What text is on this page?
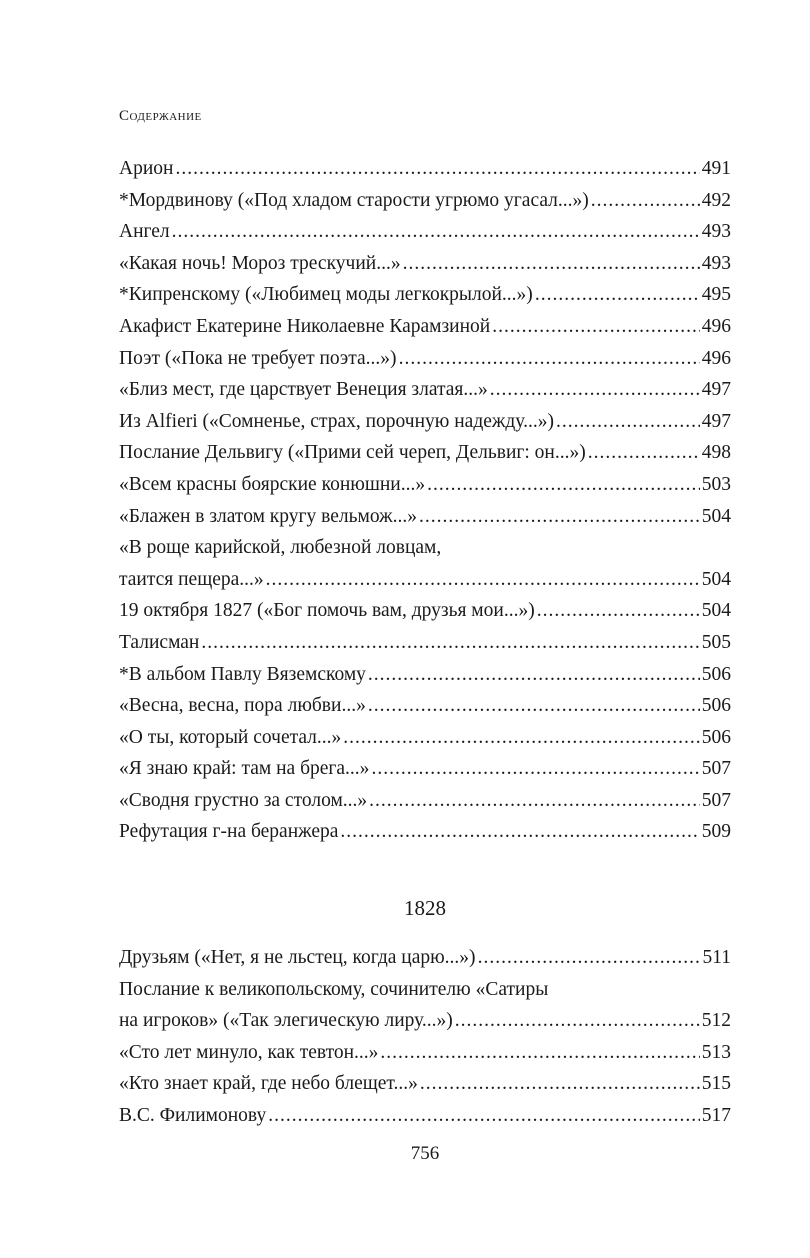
Содержание
Арион .....	491
*Мордвинову («Под хладом старости угрюмо угасал...») .....	492
Ангел .....	493
«Какая ночь! Мороз трескучий...» .....	493
*Кипренскому («Любимец моды легкокрылой...») .....	495
Акафист Екатерине Николаевне Карамзиной .....	496
Поэт («Пока не требует поэта...») .....	496
«Близ мест, где царствует Венеция златая...» .....	497
Из Alfieri («Сомненье, страх, порочную надежду...») .....	497
Послание Дельвигу («Прими сей череп, Дельвиг: он...») .....	498
«Всем красны боярские конюшни...» .....	503
«Блажен в златом кругу вельмож...» .....	504
«В роще карийской, любезной ловцам,
таится пещера...» .....	504
19 октября 1827 («Бог помочь вам, друзья мои...») .....	504
Талисман .....	505
*В альбом Павлу Вяземскому .....	506
«Весна, весна, пора любви...» .....	506
«О ты, который сочетал...» .....	506
«Я знаю край: там на брега...» .....	507
«Сводня грустно за столом...» .....	507
Рефутация г-на беранжера .....	509
1828
Друзьям («Нет, я не льстец, когда царю...») .....	511
Послание к великопольскому, сочинителю «Сатиры
на игроков» («Так элегическую лиру...») .....	512
«Сто лет минуло, как тевтон...» .....	513
«Кто знает край, где небо блещет...» .....	515
В.С. Филимонову .....	517
756
